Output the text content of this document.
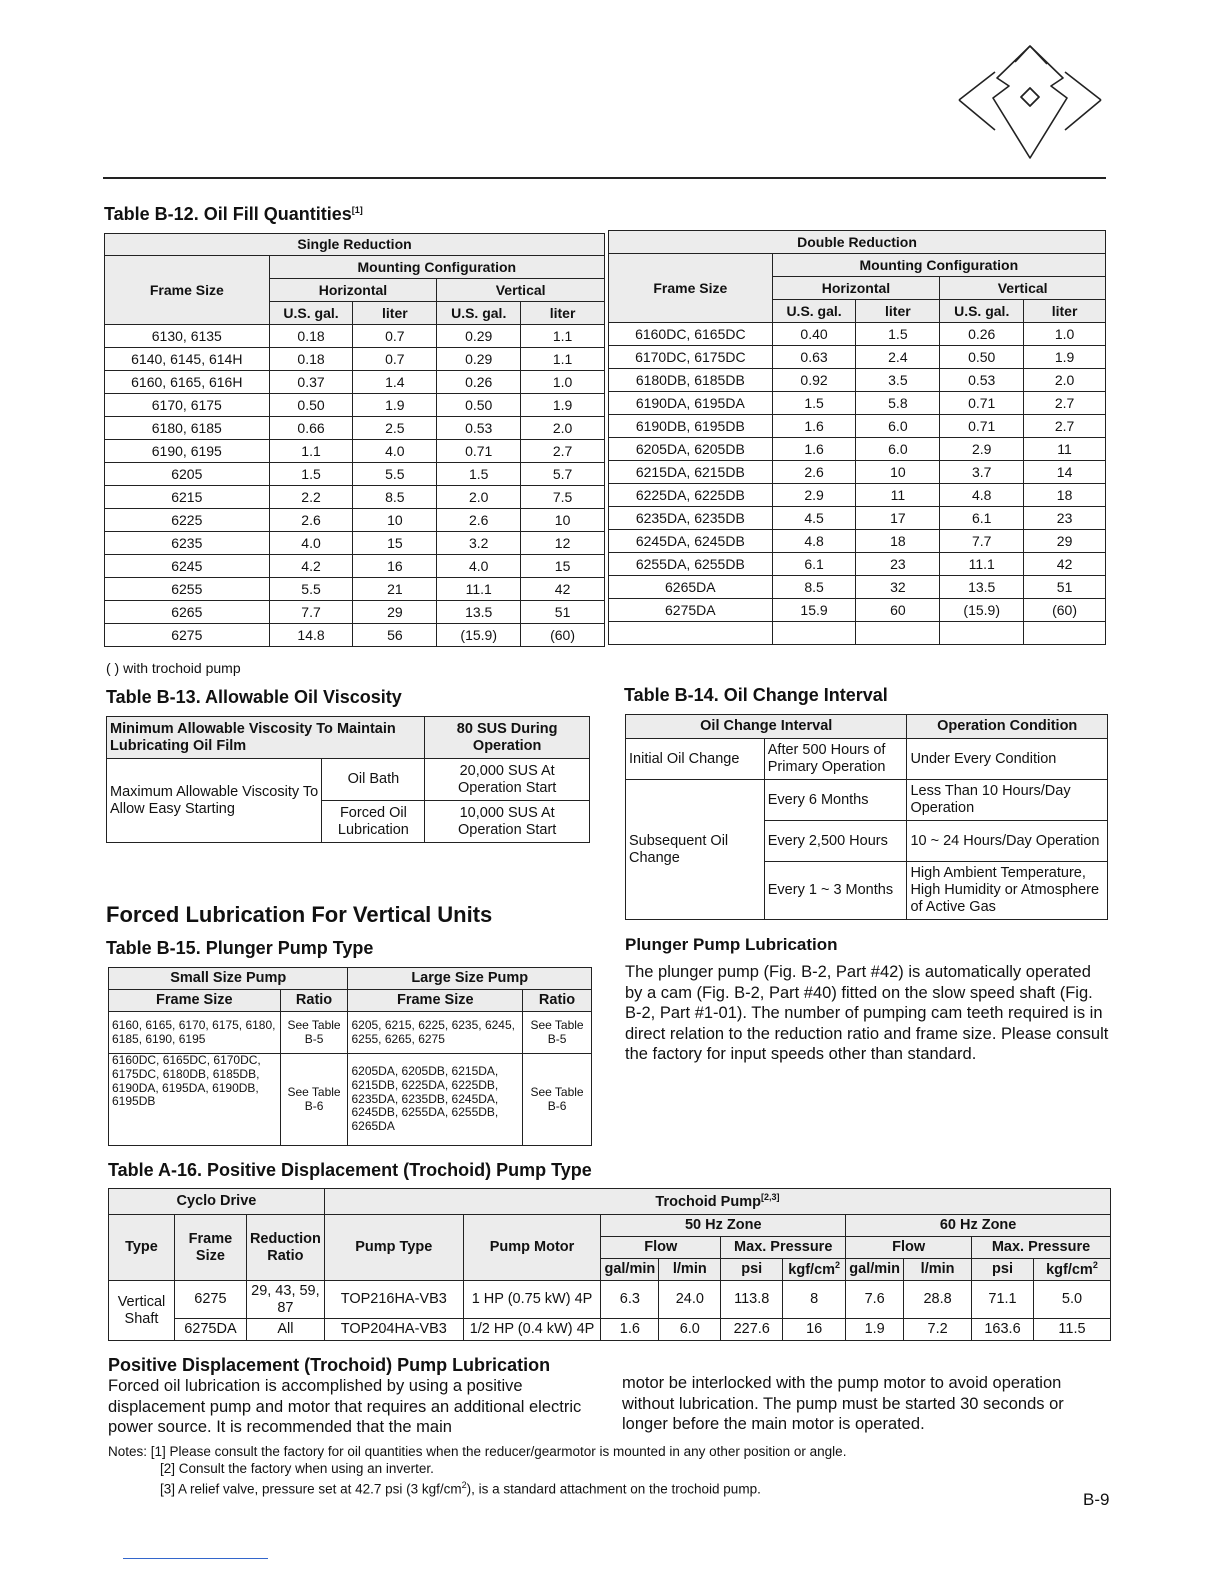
Table B-12. Oil Fill Quantities[1]
Single Reduction				
Frame Size	Mounting Configuration			
	Horizontal		Vertical	
	U.S. gal.	liter	U.S. gal.	liter
6130, 6135	0.18	0.7	0.29	1.1
6140, 6145, 614H	0.18	0.7	0.29	1.1
6160, 6165, 616H	0.37	1.4	0.26	1.0
6170, 6175	0.50	1.9	0.50	1.9
6180, 6185	0.66	2.5	0.53	2.0
6190, 6195	1.1	4.0	0.71	2.7
6205	1.5	5.5	1.5	5.7
6215	2.2	8.5	2.0	7.5
6225	2.6	10	2.6	10
6235	4.0	15	3.2	12
6245	4.2	16	4.0	15
6255	5.5	21	11.1	42
6265	7.7	29	13.5	51
6275	14.8	56	(15.9)	(60)
Double Reduction				
Frame Size	Mounting Configuration			
	Horizontal		Vertical	
	U.S. gal.	liter	U.S. gal.	liter
6160DC, 6165DC	0.40	1.5	0.26	1.0
6170DC, 6175DC	0.63	2.4	0.50	1.9
6180DB, 6185DB	0.92	3.5	0.53	2.0
6190DA, 6195DA	1.5	5.8	0.71	2.7
6190DB, 6195DB	1.6	6.0	0.71	2.7
6205DA, 6205DB	1.6	6.0	2.9	11
6215DA, 6215DB	2.6	10	3.7	14
6225DA, 6225DB	2.9	11	4.8	18
6235DA, 6235DB	4.5	17	6.1	23
6245DA, 6245DB	4.8	18	7.7	29
6255DA, 6255DB	6.1	23	11.1	42
6265DA	8.5	32	13.5	51
6275DA	15.9	60	(15.9)	(60)

( ) with trochoid pump
Table B-13. Allowable Oil Viscosity
Minimum Allowable Viscosity To Maintain Lubricating Oil Film		80 SUS During Operation
Maximum Allowable Viscosity To Allow Easy Starting	Oil Bath	20,000 SUS At Operation Start
	Forced Oil Lubrication	10,000 SUS At Operation Start
Table B-14. Oil Change Interval
Oil Change Interval		Operation Condition
Initial Oil Change	After 500 Hours of Primary Operation	Under Every Condition
Subsequent Oil Change	Every 6 Months	Less Than 10 Hours/Day Operation
	Every 2,500 Hours	10 ~ 24 Hours/Day Operation
	Every 1 ~ 3 Months	High Ambient Temperature, High Humidity or Atmosphere of Active Gas
Forced Lubrication For Vertical Units
Table B-15. Plunger Pump Type
Small Size Pump		Large Size Pump	
Frame Size	Ratio	Frame Size	Ratio
6160, 6165, 6170, 6175, 6180, 6185, 6190, 6195	See Table B-5	6205, 6215, 6225, 6235, 6245, 6255, 6265, 6275	See Table B-5
6160DC, 6165DC, 6170DC, 6175DC, 6180DB, 6185DB, 6190DA, 6195DA, 6190DB, 6195DB	See Table B-6	6205DA, 6205DB, 6215DA, 6215DB, 6225DA, 6225DB, 6235DA, 6235DB, 6245DA, 6245DB, 6255DA, 6255DB, 6265DA	See Table B-6
Plunger Pump Lubrication
The plunger pump (Fig. B-2, Part #42) is automatically operated by a cam (Fig. B-2, Part #40) fitted on the slow speed shaft (Fig. B-2, Part #1-01). The number of pumping cam teeth required is in direct relation to the reduction ratio and frame size. Please consult the factory for input speeds other than standard.
Table A-16. Positive Displacement (Trochoid) Pump Type
Cyclo Drive			Trochoid Pump[2,3]
Type	Frame Size	Reduction Ratio	Pump Type	Pump Motor	50 Hz Zone				60 Hz Zone			
					Flow		Max. Pressure		Flow		Max. Pressure	
					gal/min	l/min	psi	kgf/$cm^2$	gal/min	l/min	psi	kgf/$cm^2$
Vertical Shaft	6275	29, 43, 59, 87	TOP216HA-VB3	1 HP (0.75 kW) 4P	6.3	24.0	113.8	8	7.6	28.8	71.1	5.0
	6275DA	All	TOP204HA-VB3	1/2 HP (0.4 kW) 4P	1.6	6.0	227.6	16	1.9	7.2	163.6	11.5
Positive Displacement (Trochoid) Pump Lubrication
Forced oil lubrication is accomplished by using a positive displacement pump and motor that requires an additional electric power source. It is recommended that the main
motor be interlocked with the pump motor to avoid operation without lubrication. The pump must be started 30 seconds or longer before the main motor is operated.
Notes: [1] Please consult the factory for oil quantities when the reducer/gearmotor is mounted in any other position or angle.
[2] Consult the factory when using an inverter.
[3] A relief valve, pressure set at 42.7 psi (3 kgf/$cm^2$), is a standard attachment on the trochoid pump.
B-9
